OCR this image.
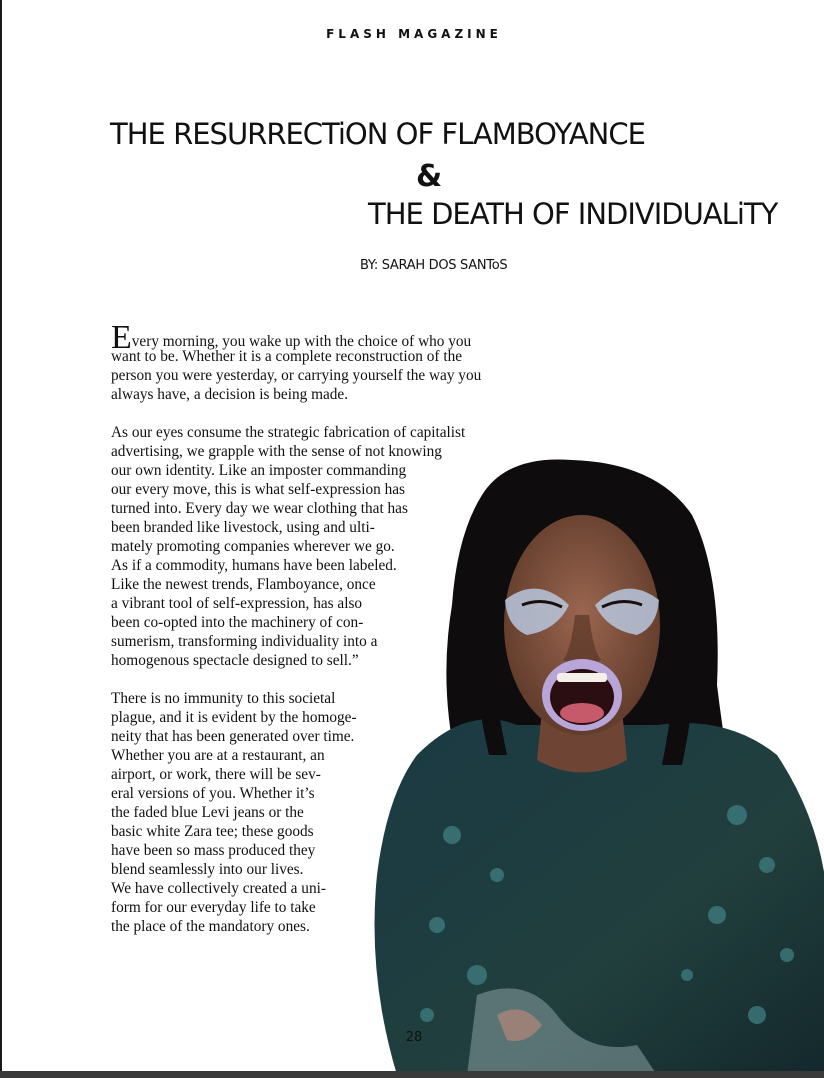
FLASH MAGAZINE
THE RESURRECTiON OF FLAMBOYANCE
&
THE DEATH OF INDIVIDUALiTY
BY: SARAH DOS SANToS
Every morning, you wake up with the choice of who you
want to be. Whether it is a complete reconstruction of the
person you were yesterday, or carrying yourself the way you
always have, a decision is being made.
As our eyes consume the strategic fabrication of capitalist
advertising, we grapple with the sense of not knowing
our own identity. Like an imposter commanding
our every move, this is what self-expression has
turned into. Every day we wear clothing that has
been branded like livestock, using and ulti-
mately promoting companies wherever we go.
As if a commodity, humans have been labeled.
Like the newest trends, Flamboyance, once
a vibrant tool of self-expression, has also
been co-opted into the machinery of con-
sumerism, transforming individuality into a
homogenous spectacle designed to sell.”
There is no immunity to this societal
plague, and it is evident by the homoge-
neity that has been generated over time.
Whether you are at a restaurant, an
airport, or work, there will be sev-
eral versions of you. Whether it’s
the faded blue Levi jeans or the
basic white Zara tee; these goods
have been so mass produced they
blend seamlessly into our lives.
We have collectively created a uni-
form for our everyday life to take
the place of the mandatory ones.
28
